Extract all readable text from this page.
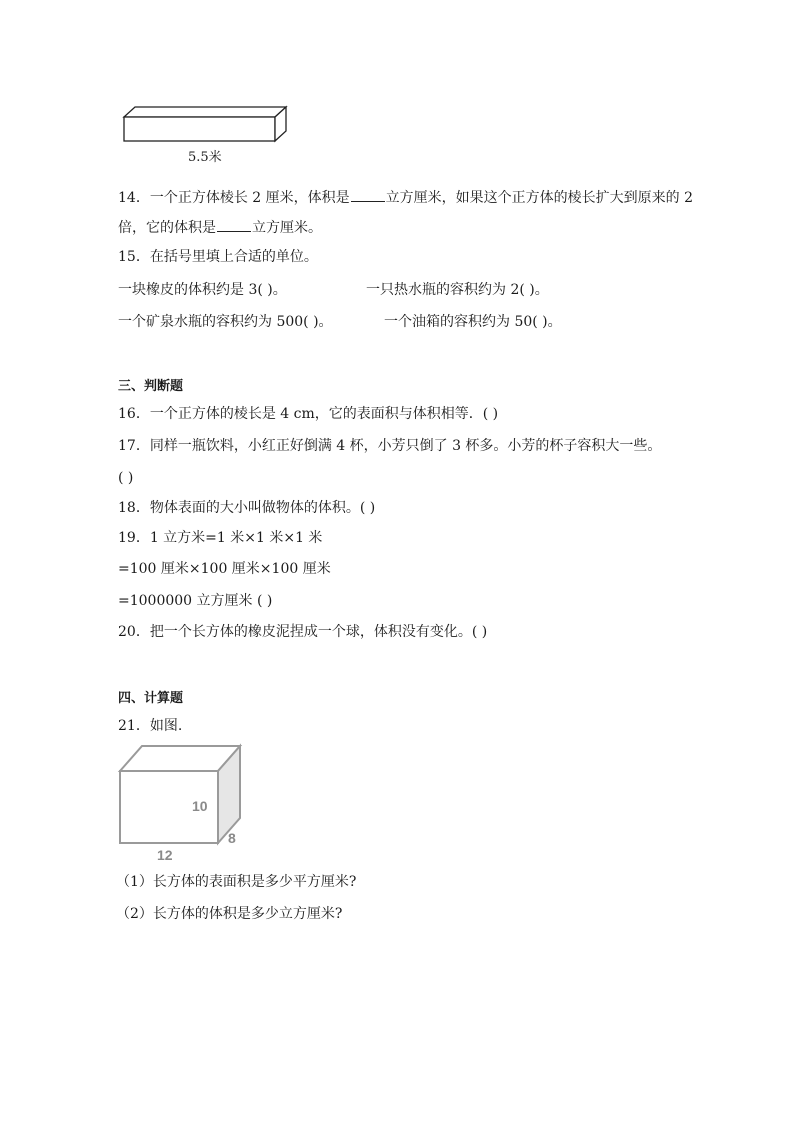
5.5米
14．一个正方体棱长 2 厘米，体积是	立方厘米，如果这个正方体的棱长扩大到原来的 2
倍，它的体积是	立方厘米。
15．在括号里填上合适的单位。
一块橡皮的体积约是 3( )。	一只热水瓶的容积约为 2( )。
一个矿泉水瓶的容积约为 500( )。	一个油箱的容积约为 50( )。
三、判断题
16．一个正方体的棱长是 4 cm，它的表面积与体积相等．( )
17．同样一瓶饮料，小红正好倒满 4 杯，小芳只倒了 3 杯多。小芳的杯子容积大一些。
( )
18．物体表面的大小叫做物体的体积。( )
19．1 立方米=1 米×1 米×1 米
=100 厘米×100 厘米×100 厘米
=1000000 立方厘米 ( )
20．把一个长方体的橡皮泥捏成一个球，体积没有变化。( )
四、计算题
21．如图.
10
8
12
（1）长方体的表面积是多少平方厘米?
（2）长方体的体积是多少立方厘米?
